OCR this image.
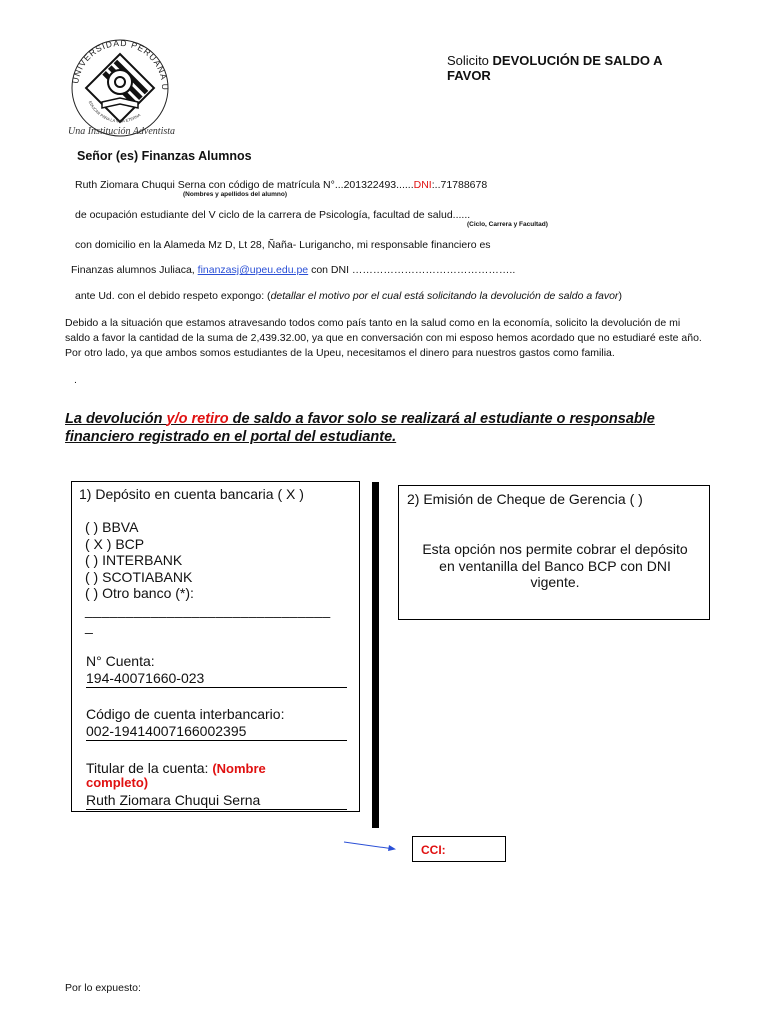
UNIVERSIDAD PERUANA U
EDUCAR PARA LA VIDA ETERNA
Una Institución Adventista
Solicito DEVOLUCIÓN DE SALDO A FAVOR
Señor (es) Finanzas Alumnos
Ruth Ziomara Chuqui Serna con código de matrícula N°...201322493......DNI:..71788678
(Nombres y apellidos del alumno)
de ocupación estudiante del V ciclo de la carrera de Psicología, facultad de salud......
(Ciclo, Carrera y Facultad)
con domicilio en la Alameda Mz D, Lt 28, Ñaña- Lurigancho, mi responsable financiero es
Finanzas alumnos Juliaca, finanzasj@upeu.edu.pe con DNI ………………………………………..
ante Ud. con el debido respeto expongo: (detallar el motivo por el cual está solicitando la devolución de saldo a favor)
Debido a la situación que estamos atravesando todos como país tanto en la salud como en la economía, solicito la devolución de mi saldo a favor la cantidad de la suma de 2,439.32.00, ya que en conversación con mi esposo hemos acordado que no estudiaré este año. Por otro lado, ya que ambos somos estudiantes de la Upeu, necesitamos el dinero para nuestros gastos como familia.
.
La devolución y/o retiro de saldo a favor solo se realizará al estudiante o responsable financiero registrado en el portal del estudiante.
1) Depósito en cuenta bancaria ( X )
( ) BBVA
( X ) BCP
( ) INTERBANK
( ) SCOTIABANK
( ) Otro banco (*):
______________________________
_
N° Cuenta:
194-40071660-023
Código de cuenta interbancario:
002-19414007166002395
Titular de la cuenta: (Nombre
completo)
Ruth Ziomara Chuqui Serna
2) Emisión de Cheque de Gerencia ( )
Esta opción nos permite cobrar el depósito en ventanilla del Banco BCP con DNI vigente.
CCI:
Por lo expuesto:
